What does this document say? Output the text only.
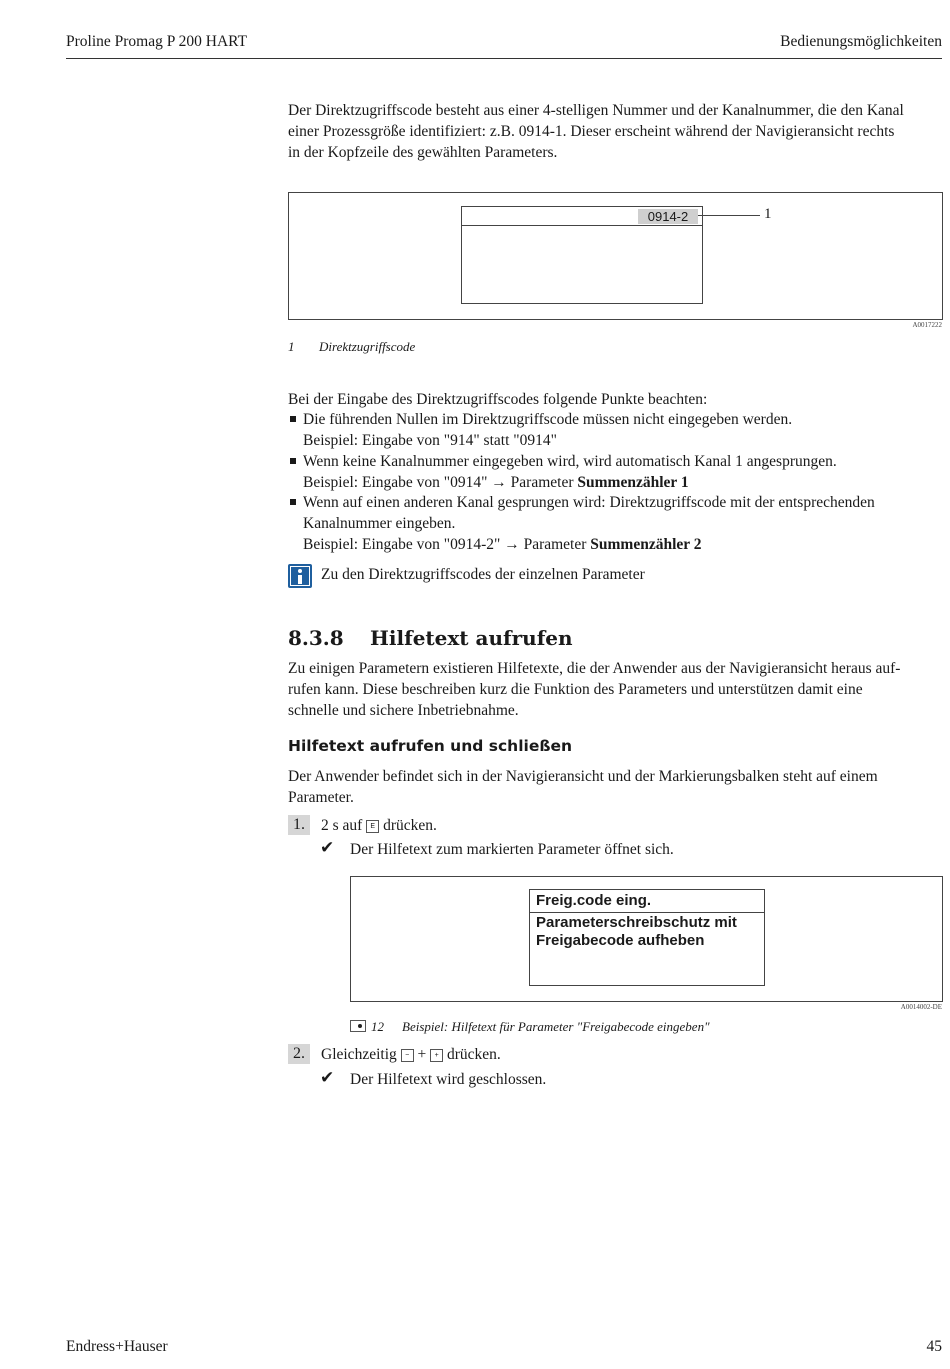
Proline Promag P 200 HART	Bedienungsmöglichkeiten
Der Direktzugriffscode besteht aus einer 4-stelligen Nummer und der Kanalnummer, die den Kanal
einer Prozessgröße identifiziert: z.B. 0914-1. Dieser erscheint während der Navigieransicht rechts
in der Kopfzeile des gewählten Parameters.
0914-2	1
A0017222
1 Direktzugriffscode
Bei der Eingabe des Direktzugriffscodes folgende Punkte beachten:
Die führenden Nullen im Direktzugriffscode müssen nicht eingegeben werden.
Beispiel: Eingabe von "914" statt "0914"
Wenn keine Kanalnummer eingegeben wird, wird automatisch Kanal 1 angesprungen.
Beispiel: Eingabe von "0914" → Parameter Summenzähler 1
Wenn auf einen anderen Kanal gesprungen wird: Direktzugriffscode mit der entsprechenden
Kanalnummer eingeben.
Beispiel: Eingabe von "0914-2" → Parameter Summenzähler 2
Zu den Direktzugriffscodes der einzelnen Parameter
8.3.8 Hilfetext aufrufen
Zu einigen Parametern existieren Hilfetexte, die der Anwender aus der Navigieransicht heraus auf-
rufen kann. Diese beschreiben kurz die Funktion des Parameters und unterstützen damit eine
schnelle und sichere Inbetriebnahme.
Hilfetext aufrufen und schließen
Der Anwender befindet sich in der Navigieransicht und der Markierungsbalken steht auf einem
Parameter.
1.	2 s auf E drücken.
✔ Der Hilfetext zum markierten Parameter öffnet sich.
Freig.code eing.
Parameterschreibschutz mit
Freigabecode aufheben
A0014002-DE
12 Beispiel: Hilfetext für Parameter "Freigabecode eingeben"
2.	Gleichzeitig − + + drücken.
✔ Der Hilfetext wird geschlossen.
Endress+Hauser	45
